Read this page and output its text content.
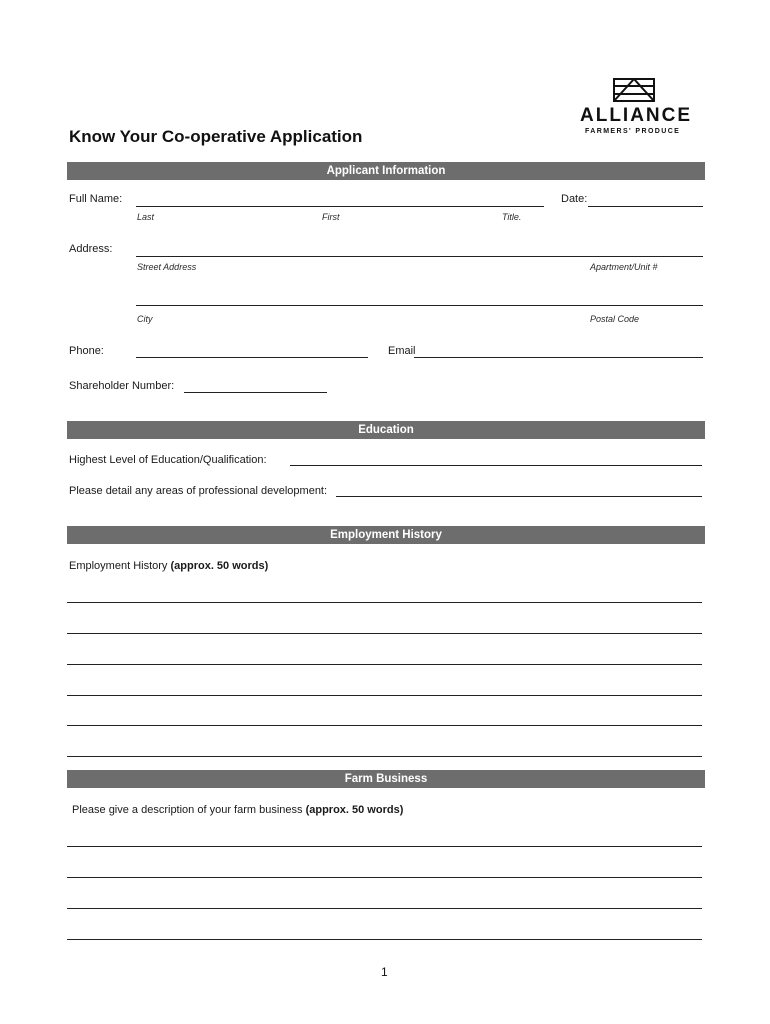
ALLIANCE
FARMERS' PRODUCE
Know Your Co-operative Application
Applicant Information
Full Name:
Last	First	Title.
Date:
Address:
Street Address	Apartment/Unit #
City	Postal Code
Phone:	Email
Shareholder Number:
Education
Highest Level of Education/Qualification:
Please detail any areas of professional development:
Employment History
Employment History (approx. 50 words)
Farm Business
Please give a description of your farm business (approx. 50 words)
1
